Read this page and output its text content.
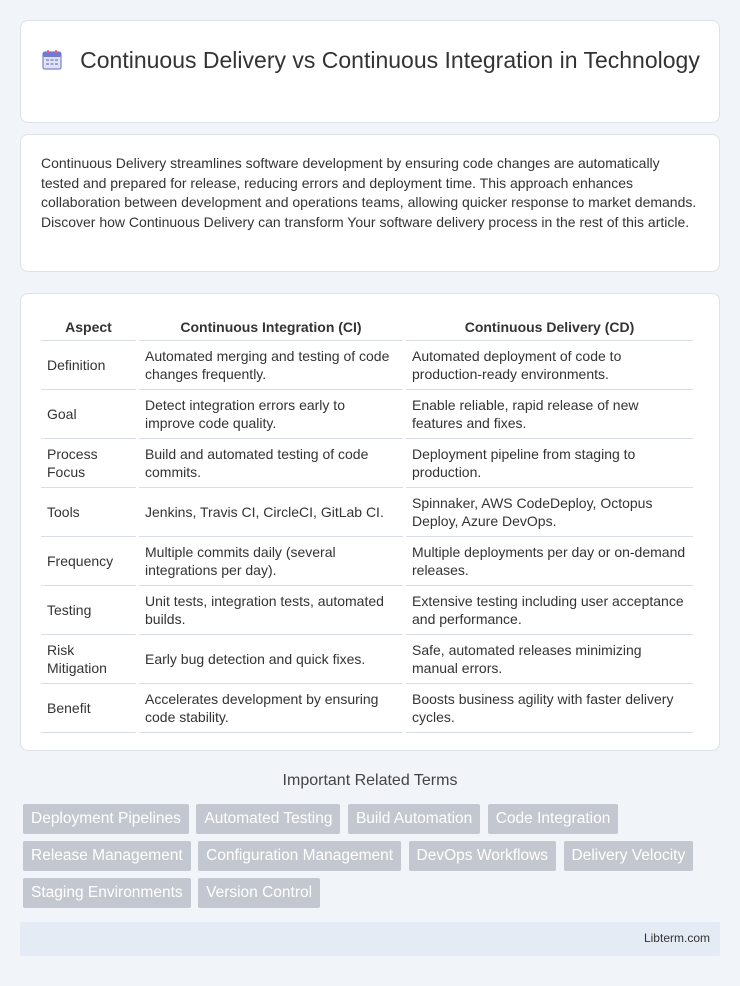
Continuous Delivery vs Continuous Integration in Technology

Continuous Delivery streamlines software development by ensuring code changes are automatically tested and prepared for release, reducing errors and deployment time. This approach enhances collaboration between development and operations teams, allowing quicker response to market demands. Discover how Continuous Delivery can transform Your software delivery process in the rest of this article.

Aspect	Continuous Integration (CI)	Continuous Delivery (CD)
Definition	Automated merging and testing of code changes frequently.	Automated deployment of code to production-ready environments.
Goal	Detect integration errors early to improve code quality.	Enable reliable, rapid release of new features and fixes.
Process Focus	Build and automated testing of code commits.	Deployment pipeline from staging to production.
Tools	Jenkins, Travis CI, CircleCI, GitLab CI.	Spinnaker, AWS CodeDeploy, Octopus Deploy, Azure DevOps.
Frequency	Multiple commits daily (several integrations per day).	Multiple deployments per day or on-demand releases.
Testing	Unit tests, integration tests, automated builds.	Extensive testing including user acceptance and performance.
Risk Mitigation	Early bug detection and quick fixes.	Safe, automated releases minimizing manual errors.
Benefit	Accelerates development by ensuring code stability.	Boosts business agility with faster delivery cycles.
Important Related Terms
Deployment Pipelines Automated Testing Build Automation Code Integration Release Management Configuration Management DevOps Workflows Delivery Velocity Staging Environments Version Control
Libterm.com
